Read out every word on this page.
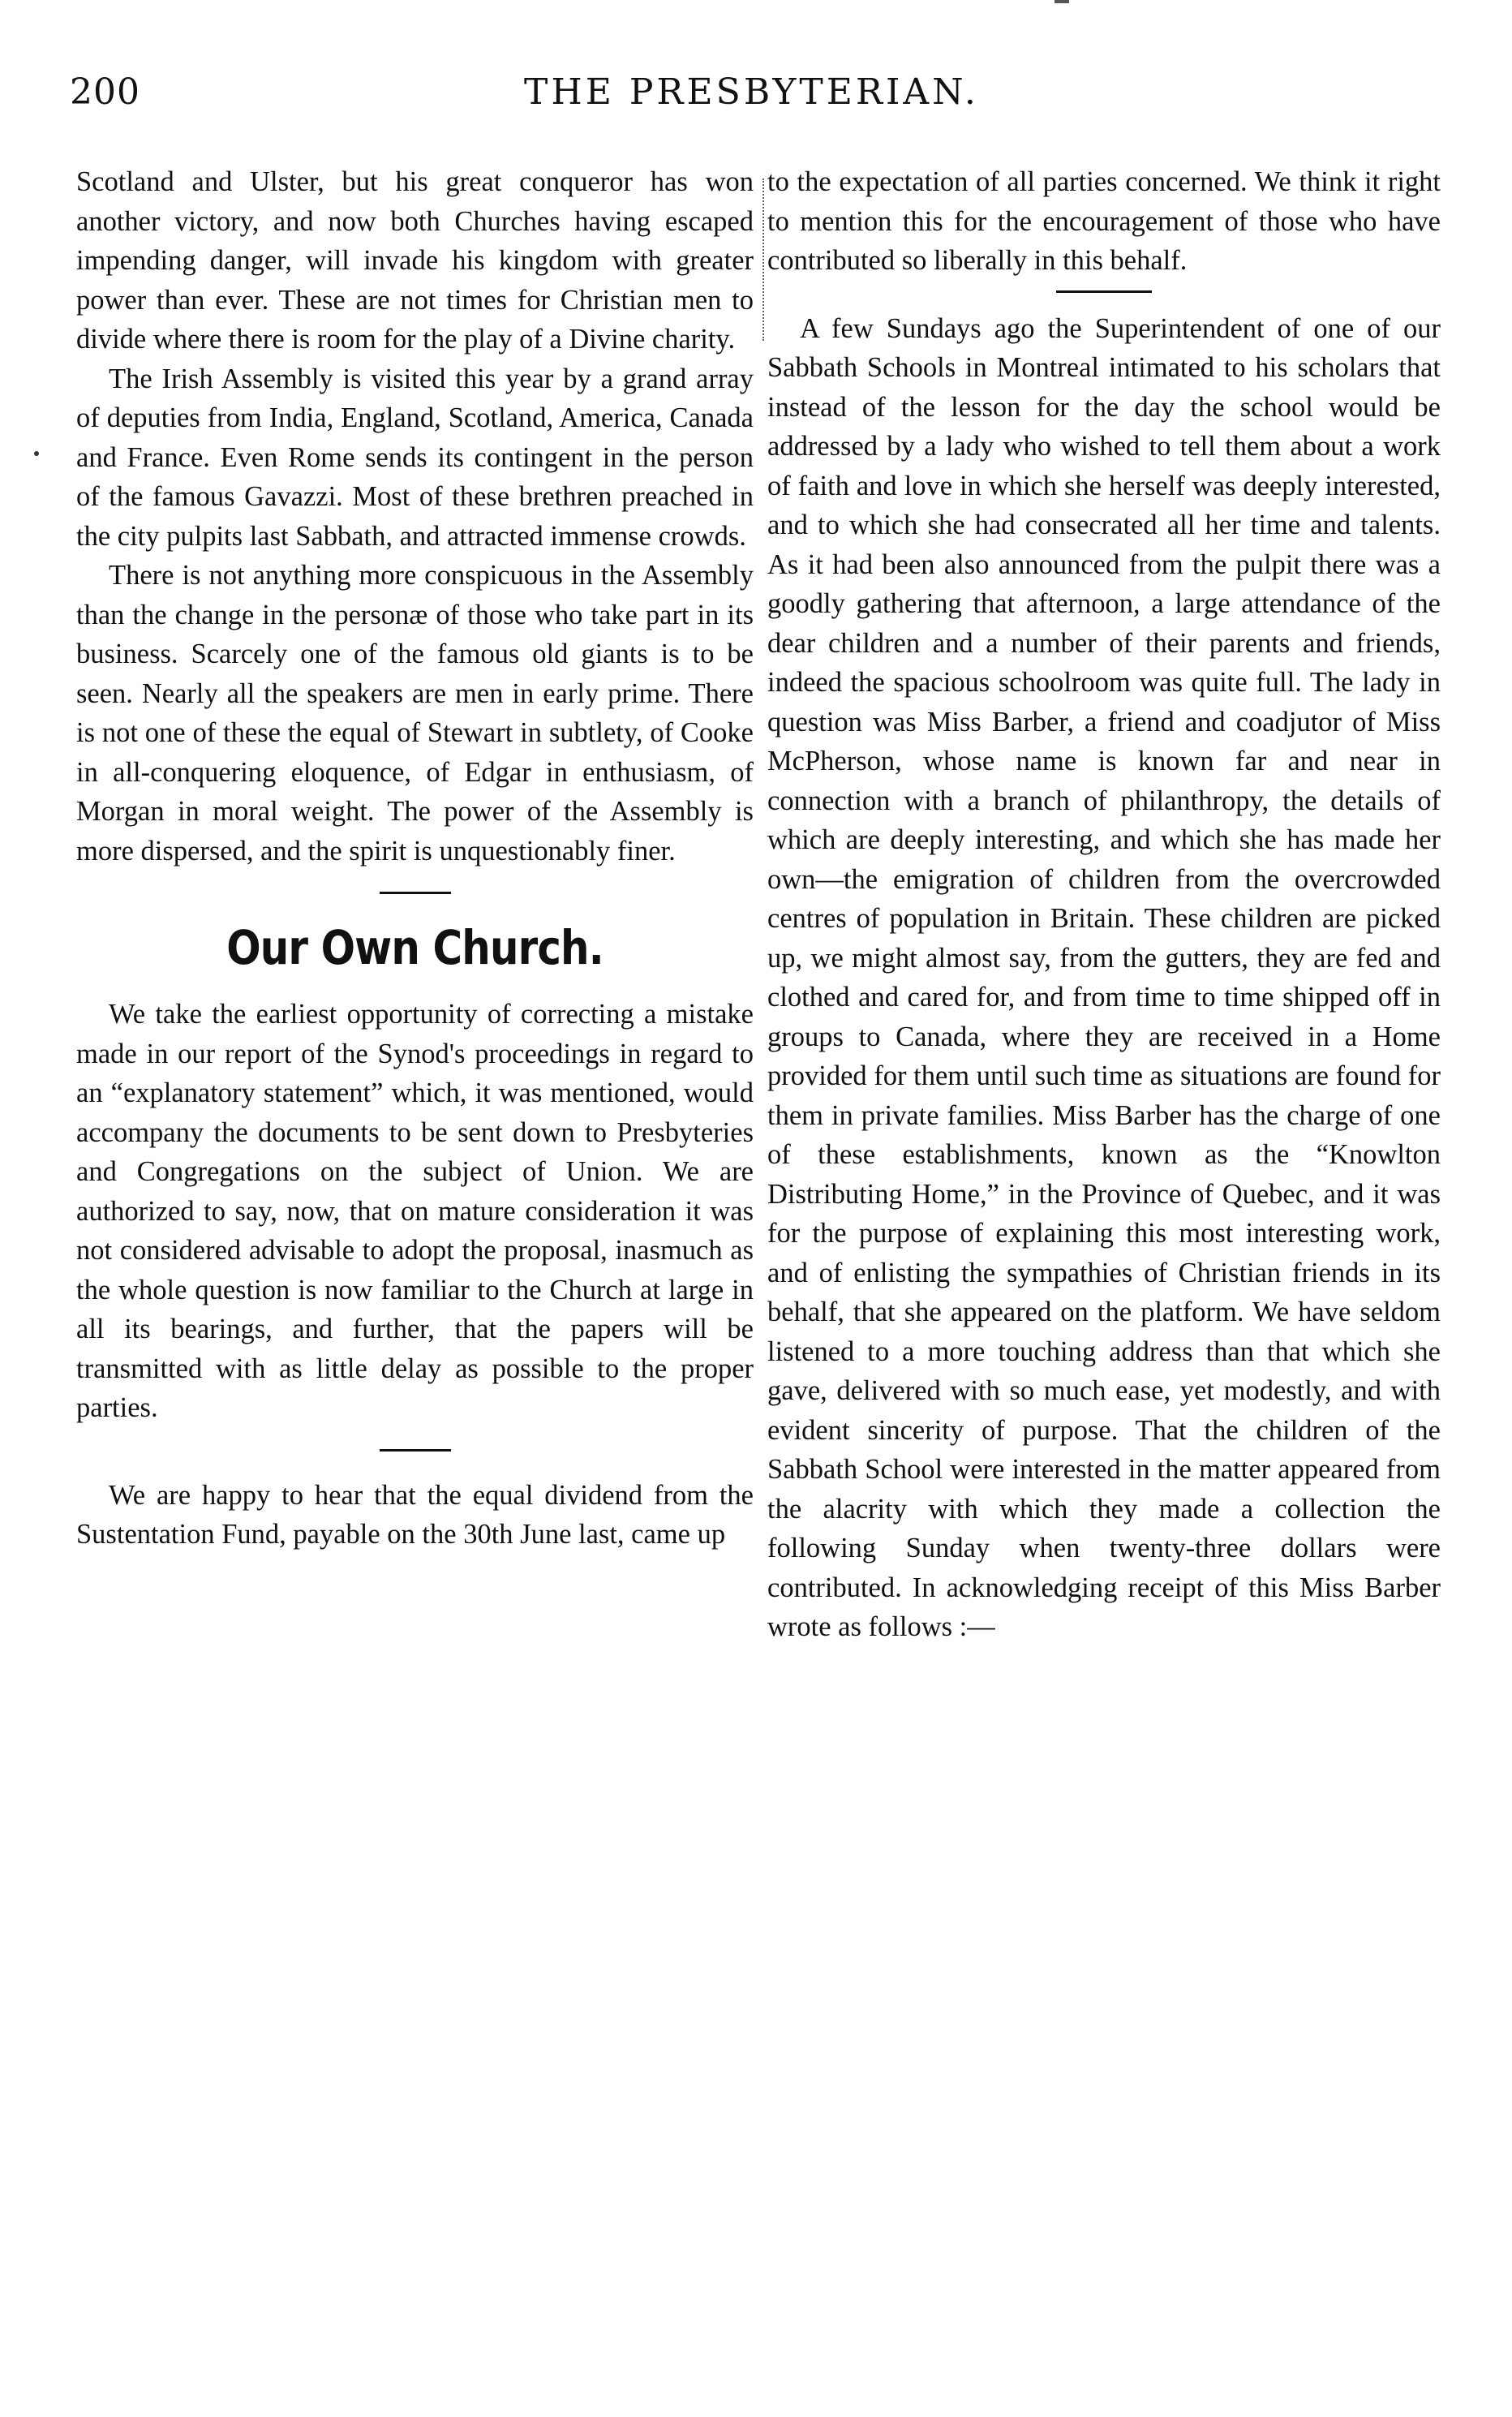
200	THE PRESBYTERIAN.

Scotland and Ulster, but his great conqueror has won another victory, and now both Churches having escaped impending danger, will invade his kingdom with greater power than ever. These are not times for Christian men to divide where there is room for the play of a Divine charity.

The Irish Assembly is visited this year by a grand array of deputies from India, England, Scotland, America, Canada and France. Even Rome sends its contingent in the person of the famous Gavazzi. Most of these brethren preached in the city pulpits last Sabbath, and attracted immense crowds.

There is not anything more conspicuous in the Assembly than the change in the personæ of those who take part in its business. Scarcely one of the famous old giants is to be seen. Nearly all the speakers are men in early prime. There is not one of these the equal of Stewart in subtlety, of Cooke in all-conquering eloquence, of Edgar in enthusiasm, of Morgan in moral weight. The power of the Assembly is more dispersed, and the spirit is unquestionably finer.

Our Own Church.

We take the earliest opportunity of correcting a mistake made in our report of the Synod's proceedings in regard to an “explanatory statement” which, it was mentioned, would accompany the documents to be sent down to Presbyteries and Congregations on the subject of Union. We are authorized to say, now, that on mature consideration it was not considered advisable to adopt the proposal, inasmuch as the whole question is now familiar to the Church at large in all its bearings, and further, that the papers will be transmitted with as little delay as possible to the proper parties.

We are happy to hear that the equal dividend from the Sustentation Fund, payable on the 30th June last, came up

to the expectation of all parties concerned. We think it right to mention this for the encouragement of those who have contributed so liberally in this behalf.

A few Sundays ago the Superintendent of one of our Sabbath Schools in Montreal intimated to his scholars that instead of the lesson for the day the school would be addressed by a lady who wished to tell them about a work of faith and love in which she herself was deeply interested, and to which she had consecrated all her time and talents. As it had been also announced from the pulpit there was a goodly gathering that afternoon, a large attendance of the dear children and a number of their parents and friends, indeed the spacious schoolroom was quite full. The lady in question was Miss Barber, a friend and coadjutor of Miss McPherson, whose name is known far and near in connection with a branch of philanthropy, the details of which are deeply interesting, and which she has made her own—the emigration of children from the overcrowded centres of population in Britain. These children are picked up, we might almost say, from the gutters, they are fed and clothed and cared for, and from time to time shipped off in groups to Canada, where they are received in a Home provided for them until such time as situations are found for them in private families. Miss Barber has the charge of one of these establishments, known as the “Knowlton Distributing Home,” in the Province of Quebec, and it was for the purpose of explaining this most interesting work, and of enlisting the sympathies of Christian friends in its behalf, that she appeared on the platform. We have seldom listened to a more touching address than that which she gave, delivered with so much ease, yet modestly, and with evident sincerity of purpose. That the children of the Sabbath School were interested in the matter appeared from the alacrity with which they made a collection the following Sunday when twenty-three dollars were contributed. In acknowledging receipt of this Miss Barber wrote as follows :—
